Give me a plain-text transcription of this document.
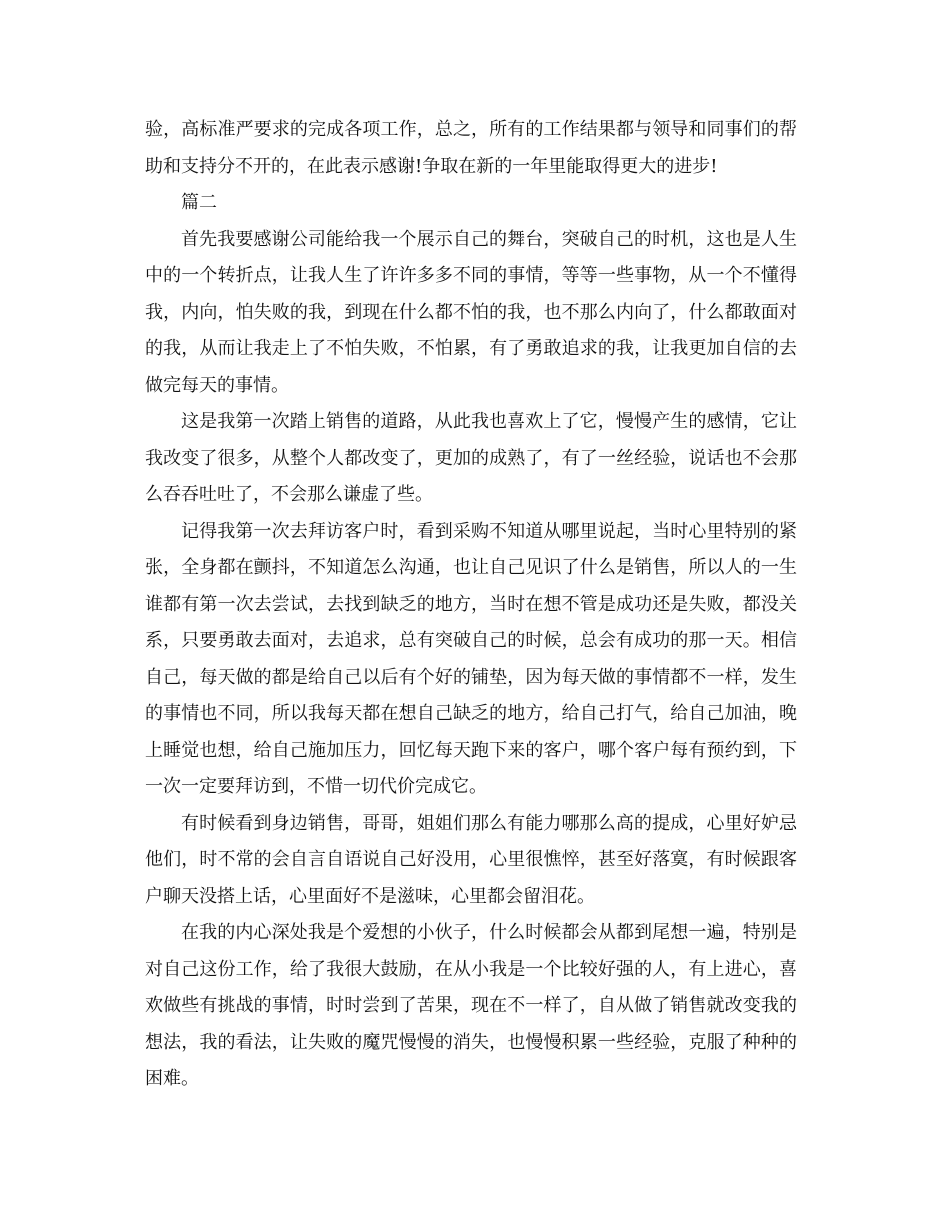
验，高标准严要求的完成各项工作，总之，所有的工作结果都与领导和同事们的帮助和支持分不开的，在此表示感谢!争取在新的一年里能取得更大的进步!

篇二

首先我要感谢公司能给我一个展示自己的舞台，突破自己的时机，这也是人生中的一个转折点，让我人生了许许多多不同的事情，等等一些事物，从一个不懂得我，内向，怕失败的我，到现在什么都不怕的我，也不那么内向了，什么都敢面对的我，从而让我走上了不怕失败，不怕累，有了勇敢追求的我，让我更加自信的去做完每天的事情。

这是我第一次踏上销售的道路，从此我也喜欢上了它，慢慢产生的感情，它让我改变了很多，从整个人都改变了，更加的成熟了，有了一丝经验，说话也不会那么吞吞吐吐了，不会那么谦虚了些。

记得我第一次去拜访客户时，看到采购不知道从哪里说起，当时心里特别的紧张，全身都在颤抖，不知道怎么沟通，也让自己见识了什么是销售，所以人的一生谁都有第一次去尝试，去找到缺乏的地方，当时在想不管是成功还是失败，都没关系，只要勇敢去面对，去追求，总有突破自己的时候，总会有成功的那一天。相信自己，每天做的都是给自己以后有个好的铺垫，因为每天做的事情都不一样，发生的事情也不同，所以我每天都在想自己缺乏的地方，给自己打气，给自己加油，晚上睡觉也想，给自己施加压力，回忆每天跑下来的客户，哪个客户每有预约到，下一次一定要拜访到，不惜一切代价完成它。

有时候看到身边销售，哥哥，姐姐们那么有能力哪那么高的提成，心里好妒忌他们，时不常的会自言自语说自己好没用，心里很憔悴，甚至好落寞，有时候跟客户聊天没搭上话，心里面好不是滋味，心里都会留泪花。

在我的内心深处我是个爱想的小伙子，什么时候都会从都到尾想一遍，特别是对自己这份工作，给了我很大鼓励，在从小我是一个比较好强的人，有上进心，喜欢做些有挑战的事情，时时尝到了苦果，现在不一样了，自从做了销售就改变我的想法，我的看法，让失败的魔咒慢慢的消失，也慢慢积累一些经验，克服了种种的困难。
